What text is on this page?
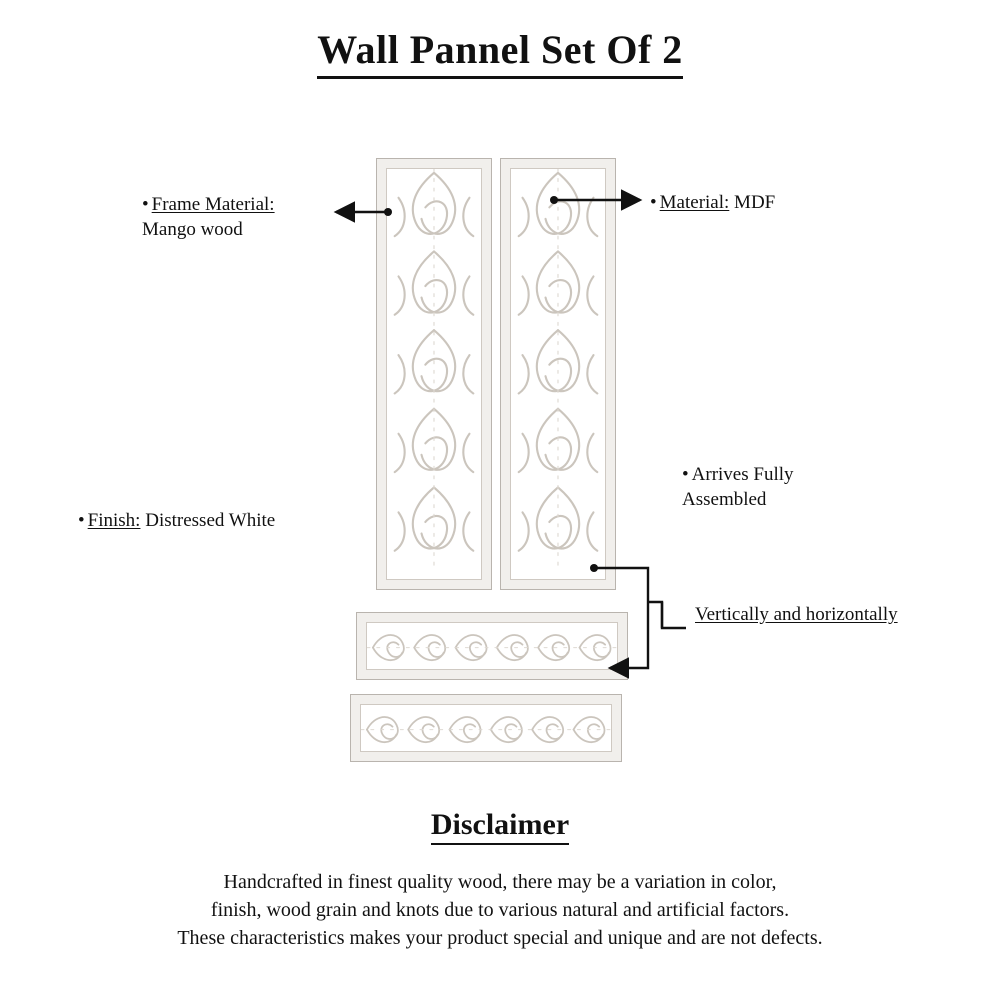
Wall Pannel Set Of 2
• Frame Material:
Mango wood
• Material: MDF
• Finish: Distressed White
• Arrives Fully
Assembled
Vertically and horizontally
Disclaimer
Handcrafted in finest quality wood, there may be a variation in color,
finish, wood grain and knots due to various natural and artificial factors.
These characteristics makes your product special and unique and are not defects.
